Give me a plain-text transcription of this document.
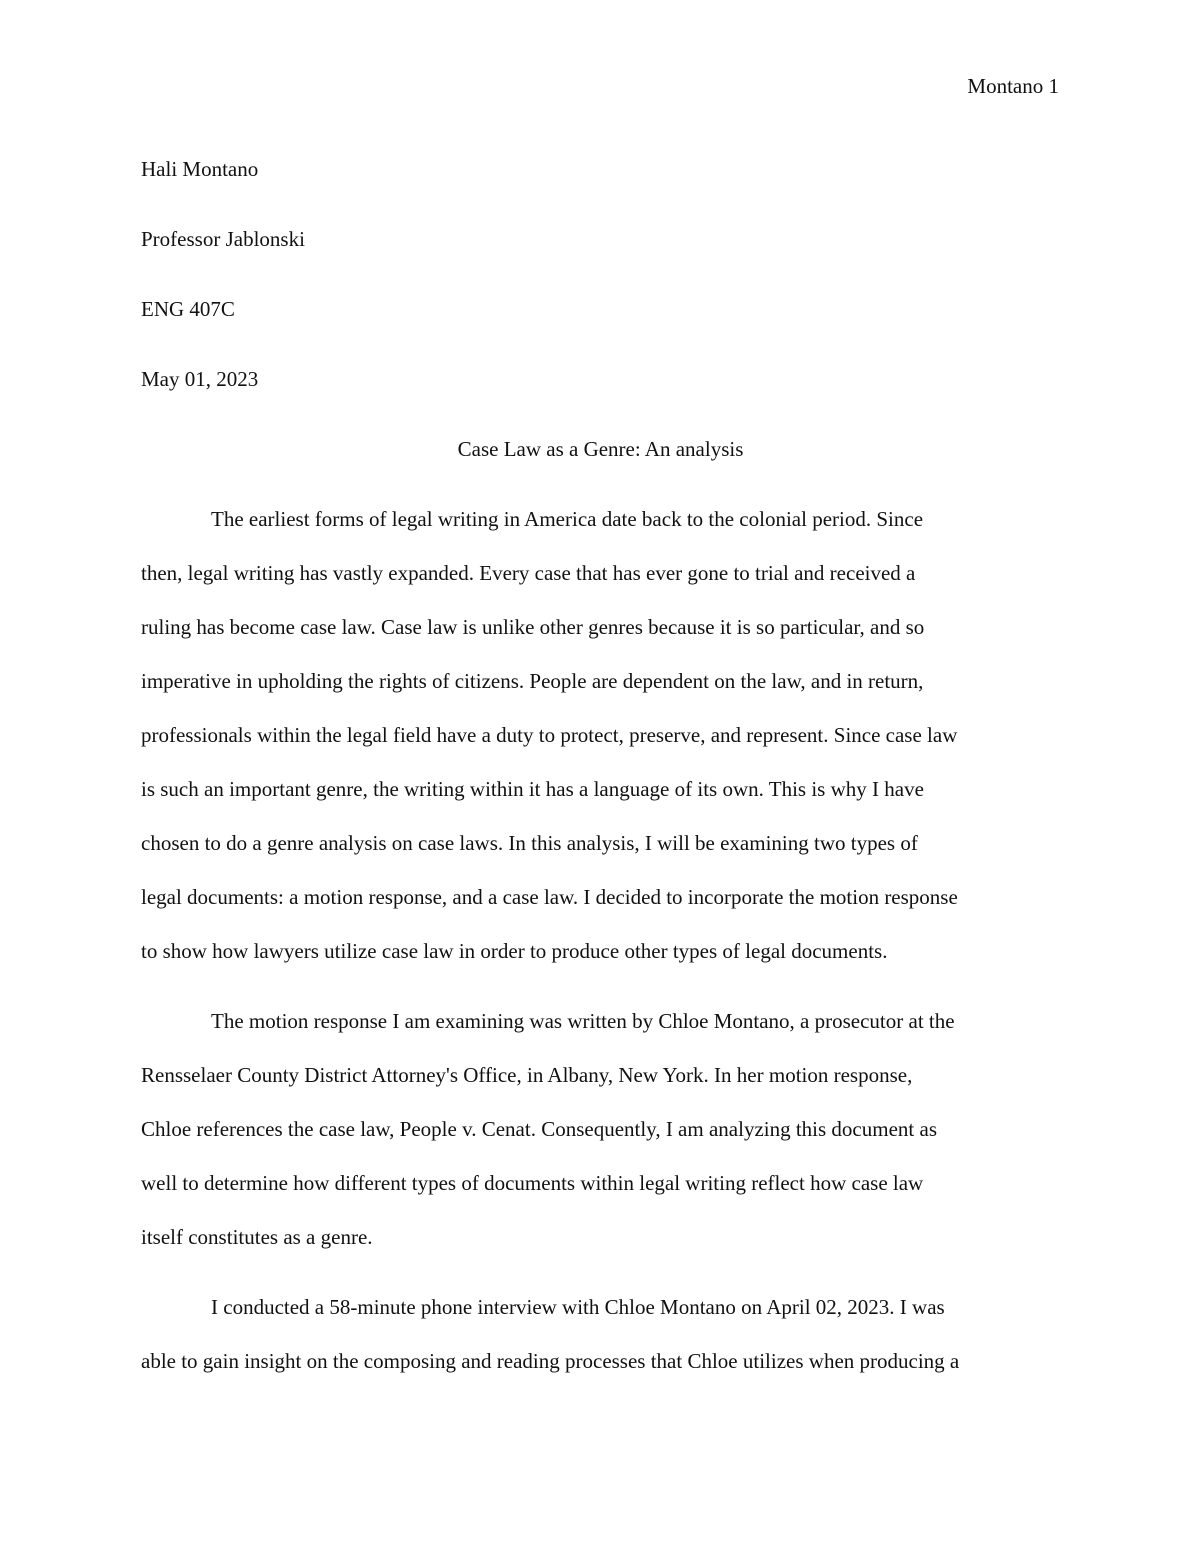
Montano 1
Hali Montano
Professor Jablonski
ENG 407C
May 01, 2023
Case Law as a Genre: An analysis
The earliest forms of legal writing in America date back to the colonial period. Since
then, legal writing has vastly expanded. Every case that has ever gone to trial and received a
ruling has become case law. Case law is unlike other genres because it is so particular, and so
imperative in upholding the rights of citizens. People are dependent on the law, and in return,
professionals within the legal field have a duty to protect, preserve, and represent. Since case law
is such an important genre, the writing within it has a language of its own. This is why I have
chosen to do a genre analysis on case laws. In this analysis, I will be examining two types of
legal documents: a motion response, and a case law. I decided to incorporate the motion response
to show how lawyers utilize case law in order to produce other types of legal documents.
The motion response I am examining was written by Chloe Montano, a prosecutor at the
Rensselaer County District Attorney's Office, in Albany, New York. In her motion response,
Chloe references the case law, People v. Cenat. Consequently, I am analyzing this document as
well to determine how different types of documents within legal writing reflect how case law
itself constitutes as a genre.
I conducted a 58-minute phone interview with Chloe Montano on April 02, 2023. I was
able to gain insight on the composing and reading processes that Chloe utilizes when producing a
